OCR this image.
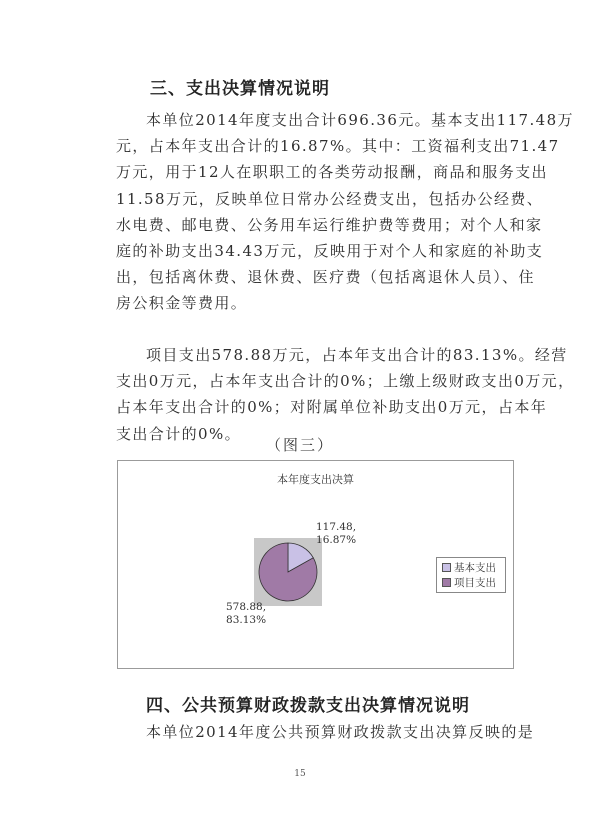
三、支出决算情况说明
本单位2014年度支出合计696.36元。基本支出117.48万
元，占本年支出合计的16.87%。其中：工资福利支出71.47
万元，用于12人在职职工的各类劳动报酬，商品和服务支出
11.58万元，反映单位日常办公经费支出，包括办公经费、
水电费、邮电费、公务用车运行维护费等费用；对个人和家
庭的补助支出34.43万元，反映用于对个人和家庭的补助支
出，包括离休费、退休费、医疗费（包括离退休人员）、住
房公积金等费用。
项目支出578.88万元，占本年支出合计的83.13%。经营
支出0万元，占本年支出合计的0%；上缴上级财政支出0万元，
占本年支出合计的0%；对附属单位补助支出0万元，占本年
支出合计的0%。
（图三）
本年度支出决算
117.48,
16.87%
578.88,
83.13%
基本支出
项目支出
四、公共预算财政拨款支出决算情况说明
本单位2014年度公共预算财政拨款支出决算反映的是
15
